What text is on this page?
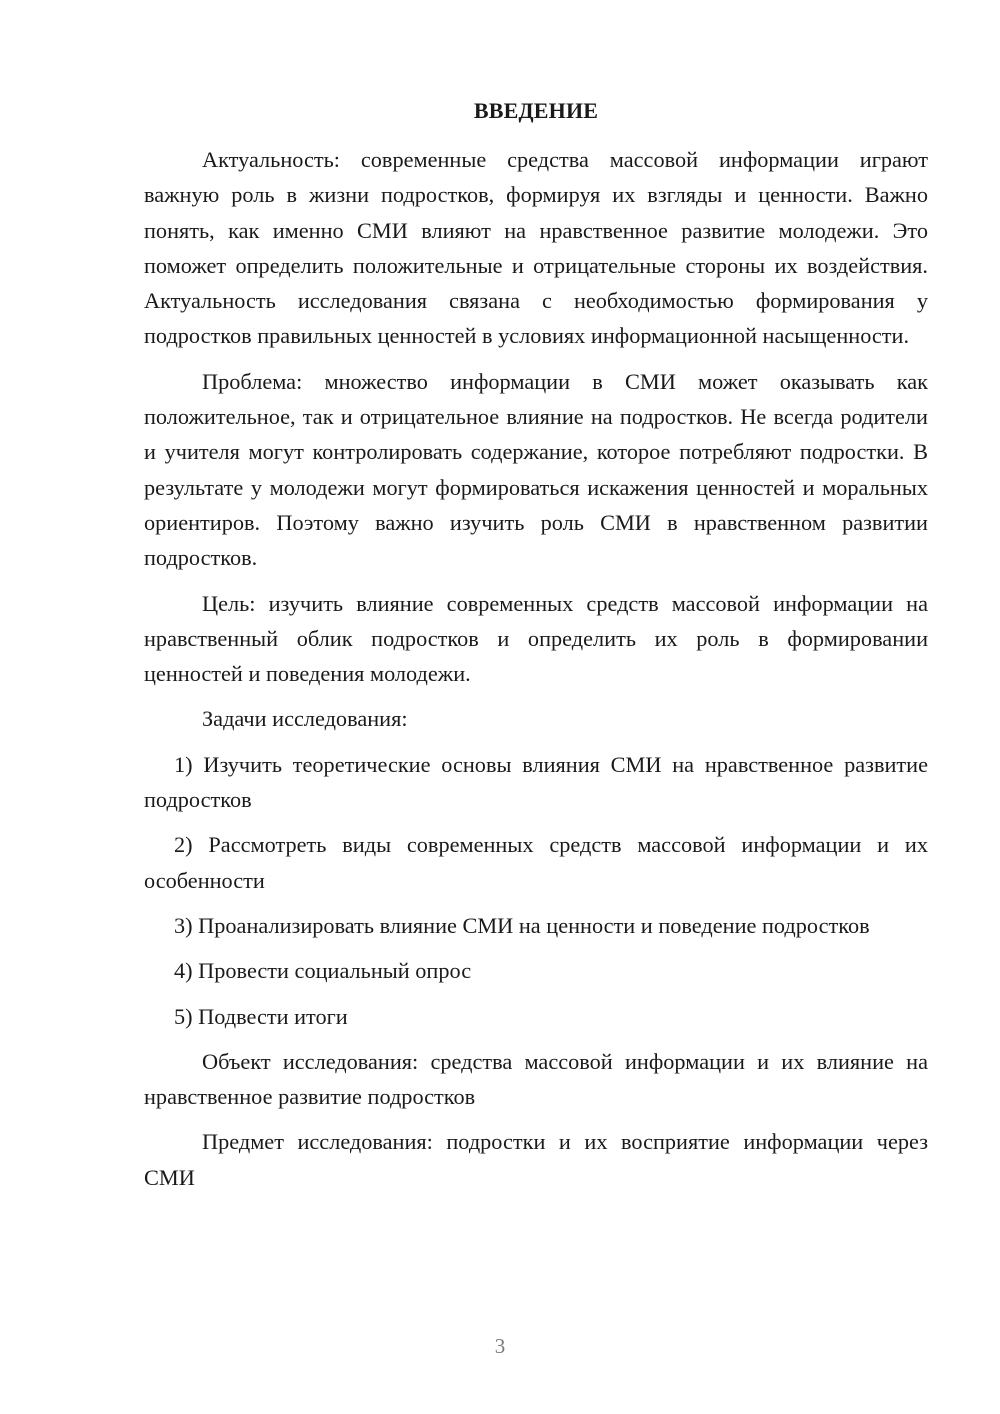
ВВЕДЕНИЕ

Актуальность: современные средства массовой информации играют важную роль в жизни подростков, формируя их взгляды и ценности. Важно понять, как именно СМИ влияют на нравственное развитие молодежи. Это поможет определить положительные и отрицательные стороны их воздействия. Актуальность исследования связана с необходимостью формирования у подростков правильных ценностей в условиях информационной насыщенности.

Проблема: множество информации в СМИ может оказывать как положительное, так и отрицательное влияние на подростков. Не всегда родители и учителя могут контролировать содержание, которое потребляют подростки. В результате у молодежи могут формироваться искажения ценностей и моральных ориентиров. Поэтому важно изучить роль СМИ в нравственном развитии подростков.

Цель: изучить влияние современных средств массовой информации на нравственный облик подростков и определить их роль в формировании ценностей и поведения молодежи.

Задачи исследования:

1) Изучить теоретические основы влияния СМИ на нравственное развитие подростков

2) Рассмотреть виды современных средств массовой информации и их особенности

3) Проанализировать влияние СМИ на ценности и поведение подростков

4) Провести социальный опрос

5) Подвести итоги

Объект исследования: средства массовой информации и их влияние на нравственное развитие подростков

Предмет исследования: подростки и их восприятие информации через СМИ

3
